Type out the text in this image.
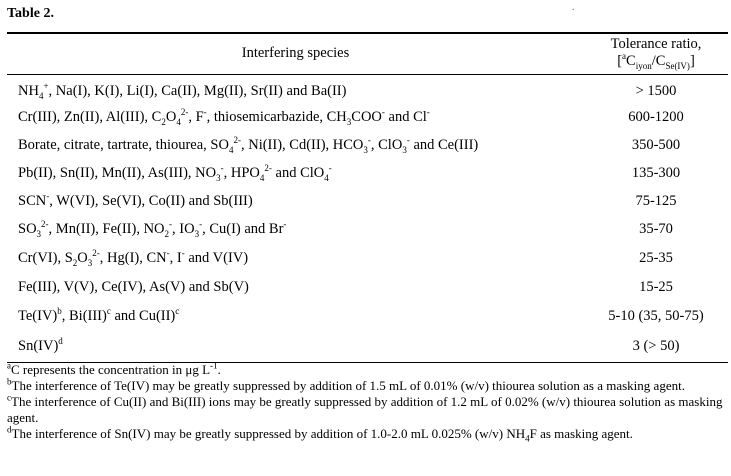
Table 2.	.
Interfering species
Tolerance ratio,
$[^aC_{iyon}/C_{Se(IV)}]$
$NH_4^+$, Na(I), K(I), Li(I), Ca(II), Mg(II), Sr(II) and Ba(II)	> 1500
Cr(III), Zn(II), Al(III), $C_2O_4^{2-}$, F-, thiosemicarbazide, $CH_3COO^-$ and Cl-	600-1200
Borate, citrate, tartrate, thiourea, $SO_4^{2-}$, Ni(II), Cd(II), $HCO_3^-$, ClO$_3$- and Ce(III)	350-500
Pb(II), Sn(II), Mn(II), As(III), $NO_3^-$, $HPO_4^{2-}$ and ClO$_4$-	135-300
SCN-, W(VI), Se(VI), Co(II) and Sb(III)	75-125
$SO_3^{2-}$, Mn(II), Fe(II), $NO_2^-$, $IO_3^-$, Cu(I) and Br-	35-70
Cr(VI), $S_2O_3^{2-}$, Hg(I), CN-, I- and V(IV)	25-35
Fe(III), V(V), Ce(IV), As(V) and Sb(V)	15-25
Te(IV)$^b$, Bi(III)$^c$ and Cu(II)$^c$	5-10 (35, 50-75)
Sn(IV)$^d$	3 (> 50)

$^a$C represents the concentration in μg $L^{-1}$.

$^b$The interference of Te(IV) may be greatly suppressed by addition of 1.5 mL of 0.01% (w/v) thiourea solution as a masking agent.

$^c$The interference of Cu(II) and Bi(III) ions may be greatly suppressed by addition of 1.2 mL of 0.02% (w/v) thiourea solution as masking agent.

$^d$The interference of Sn(IV) may be greatly suppressed by addition of 1.0-2.0 mL 0.025% (w/v) $NH_4F$ as masking agent.
